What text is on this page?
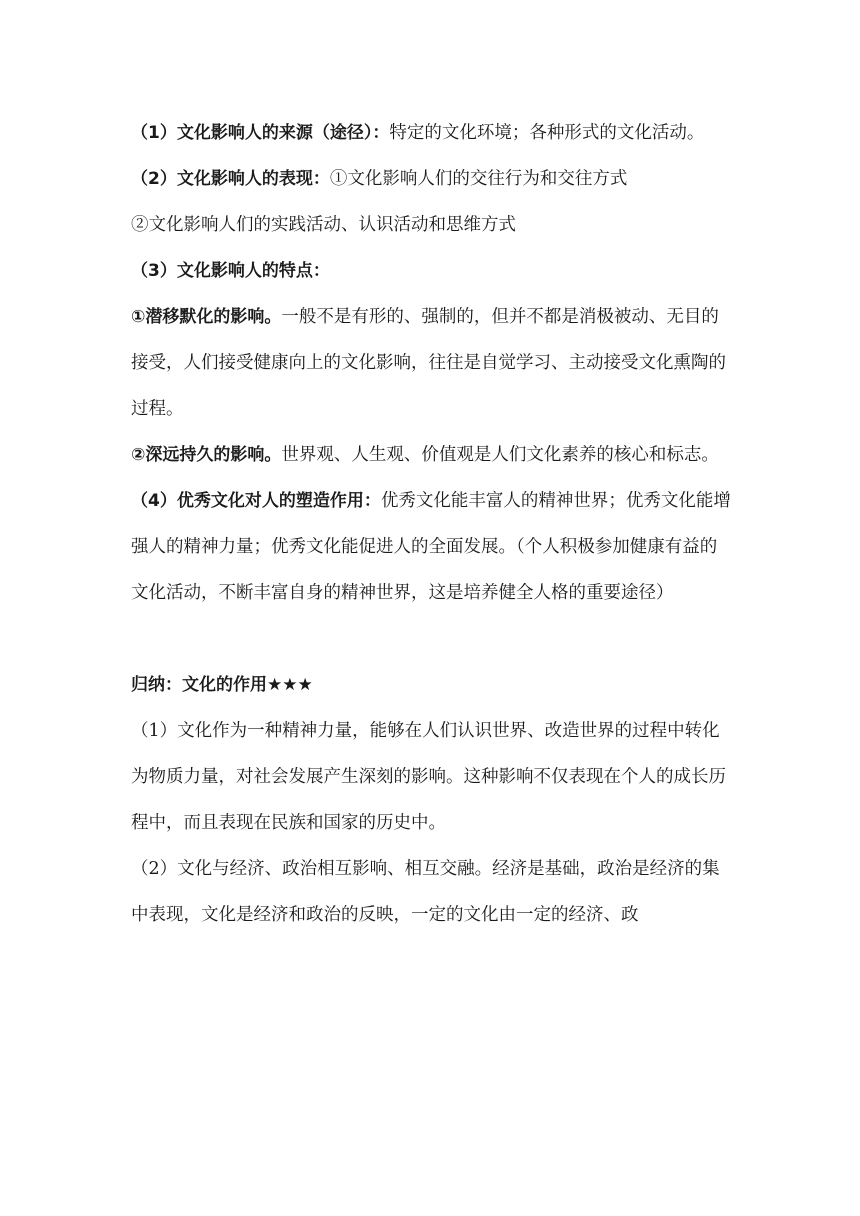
（1）文化影响人的来源（途径）：特定的文化环境；各种形式的文化活动。

（2）文化影响人的表现：①文化影响人们的交往行为和交往方式

②文化影响人们的实践活动、认识活动和思维方式

（3）文化影响人的特点：

①潜移默化的影响。一般不是有形的、强制的，但并不都是消极被动、无目的接受，人们接受健康向上的文化影响，往往是自觉学习、主动接受文化熏陶的过程。

②深远持久的影响。世界观、人生观、价值观是人们文化素养的核心和标志。

（4）优秀文化对人的塑造作用：优秀文化能丰富人的精神世界；优秀文化能增强人的精神力量；优秀文化能促进人的全面发展。（个人积极参加健康有益的文化活动，不断丰富自身的精神世界，这是培养健全人格的重要途径）

归纳：文化的作用★★★

（1）文化作为一种精神力量，能够在人们认识世界、改造世界的过程中转化为物质力量，对社会发展产生深刻的影响。这种影响不仅表现在个人的成长历程中，而且表现在民族和国家的历史中。

（2）文化与经济、政治相互影响、相互交融。经济是基础，政治是经济的集中表现，文化是经济和政治的反映，一定的文化由一定的经济、政
